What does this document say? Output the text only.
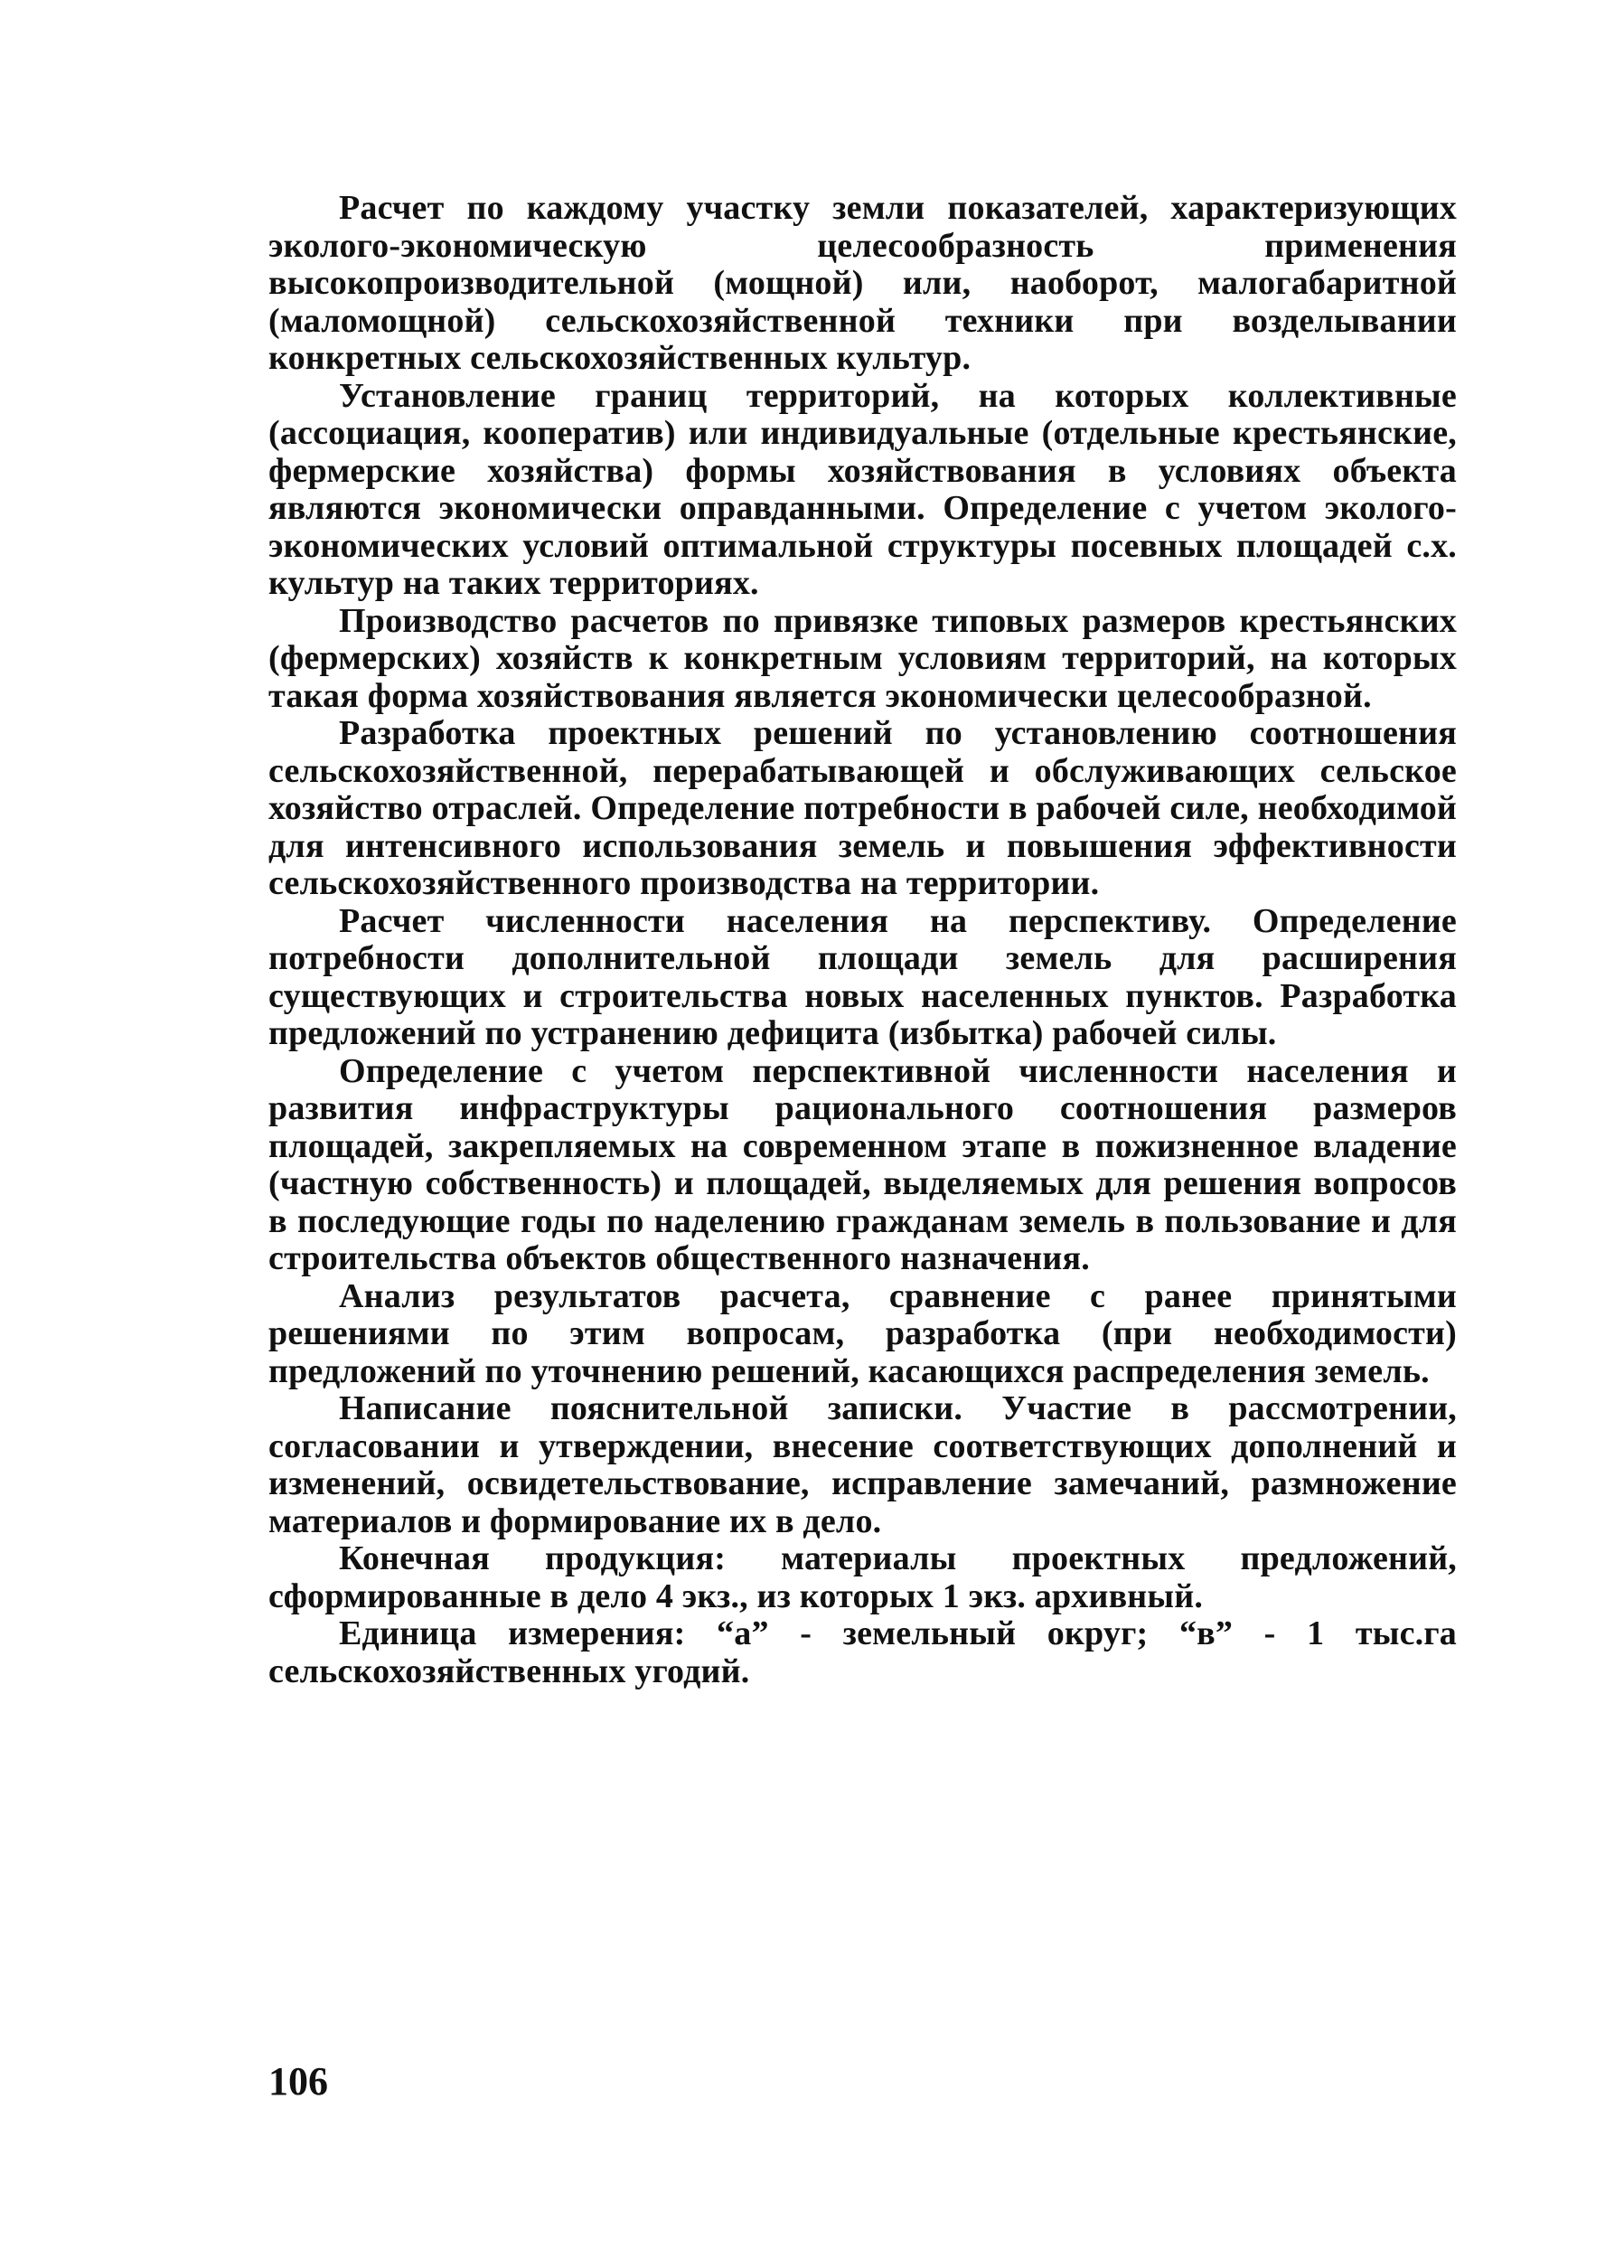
Расчет по каждому участку земли показателей, характеризующих эколого-экономическую целесообразность применения высокопроизводительной (мощной) или, наоборот, малогабаритной (маломощной) сельскохозяйственной техники при возделывании конкретных сельскохозяйственных культур.

Установление границ территорий, на которых коллективные (ассоциация, кооператив) или индивидуальные (отдельные крестьянские, фермерские хозяйства) формы хозяйствования в условиях объекта являются экономически оправданными. Определение с учетом эколого-экономических условий оптимальной структуры посевных площадей с.х. культур на таких территориях.

Производство расчетов по привязке типовых размеров крестьянских (фермерских) хозяйств к конкретным условиям территорий, на которых такая форма хозяйствования является экономически целесообразной.

Разработка проектных решений по установлению соотношения сельскохозяйственной, перерабатывающей и обслуживающих сельское хозяйство отраслей. Определение потребности в рабочей силе, необходимой для интенсивного использования земель и повышения эффективности сельскохозяйственного производства на территории.

Расчет численности населения на перспективу. Определение потребности дополнительной площади земель для расширения существующих и строительства новых населенных пунктов. Разработка предложений по устранению дефицита (избытка) рабочей силы.

Определение с учетом перспективной численности населения и развития инфраструктуры рационального соотношения размеров площадей, закрепляемых на современном этапе в пожизненное владение (частную собственность) и площадей, выделяемых для решения вопросов в последующие годы по наделению гражданам земель в пользование и для строительства объектов общественного назначения.

Анализ результатов расчета, сравнение с ранее принятыми решениями по этим вопросам, разработка (при необходимости) предложений по уточнению решений, касающихся распределения земель.

Написание пояснительной записки. Участие в рассмотрении, согласовании и утверждении, внесение соответствующих дополнений и изменений, освидетельствование, исправление замечаний, размножение материалов и формирование их в дело.

Конечная продукция: материалы проектных предложений, сформированные в дело 4 экз., из которых 1 экз. архивный.

Единица измерения: “а” - земельный округ; “в” - 1 тыс.га сельскохозяйственных угодий.

106
